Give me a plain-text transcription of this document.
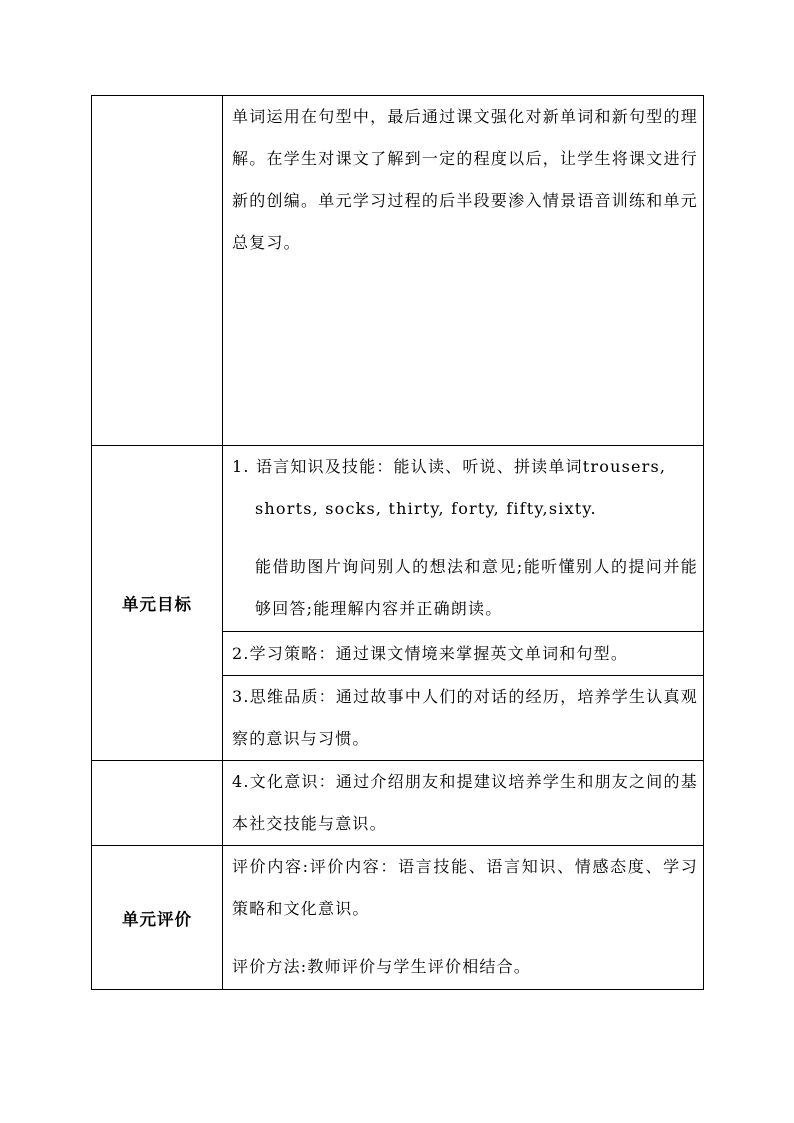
	单词运用在句型中，最后通过课文强化对新单词和新句型的理解。在学生对课文了解到一定的程度以后，让学生将课文进行新的创编。单元学习过程的后半段要渗入情景语音训练和单元总复习。

单元目标	1. 语言知识及技能：能认读、听说、拼读单词trousers,

shorts, socks, thirty, forty, fifty,sixty.

能借助图片询问别人的想法和意见;能听懂别人的提问并能够回答;能理解内容并正确朗读。

	2.学习策略：通过课文情境来掌握英文单词和句型。

	3.思维品质：通过故事中人们的对话的经历，培养学生认真观察的意识与习惯。

	4.文化意识：通过介绍朋友和提建议培养学生和朋友之间的基本社交技能与意识。

单元评价	评价内容:评价内容：语言技能、语言知识、情感态度、学习策略和文化意识。

评价方法:教师评价与学生评价相结合。
